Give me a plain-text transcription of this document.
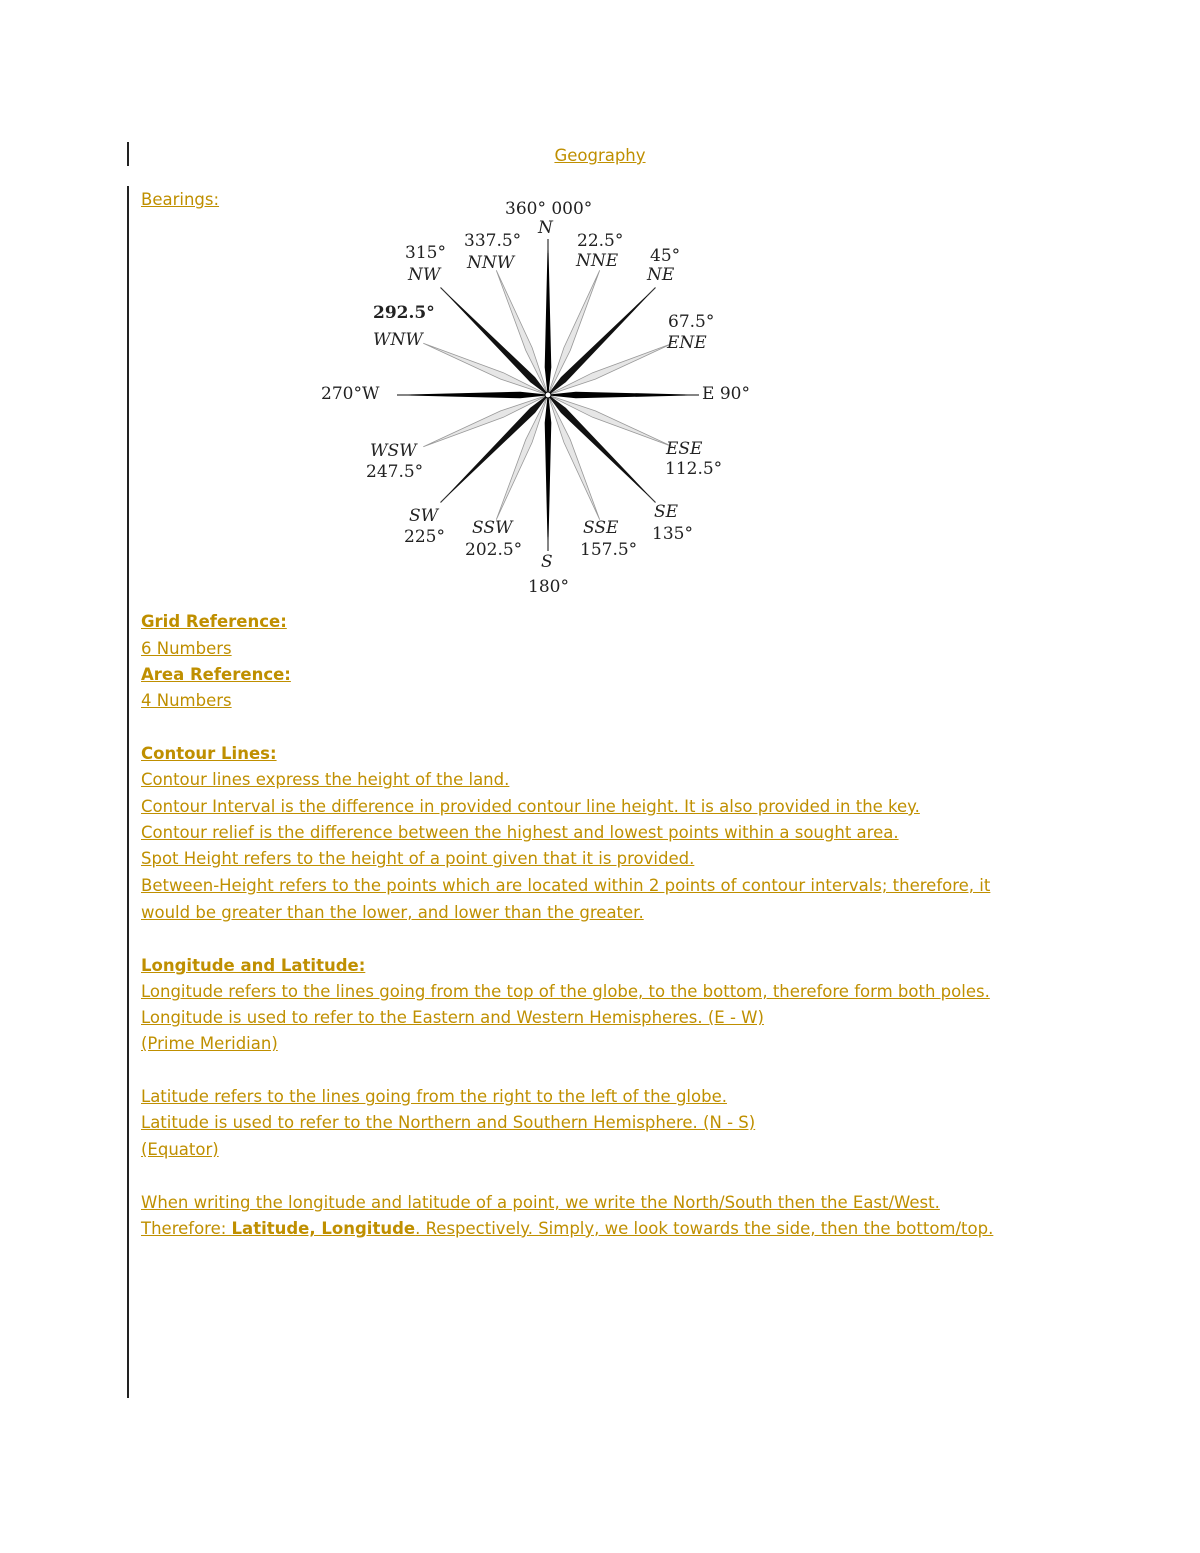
Geography
Bearings:	360° 000°
N
337.5°
NNW
22.5°
NNE
315°
NW
45°
NE
292.5°
WNW
67.5°
ENE
270°W	E 90°
WSW
247.5°
ESE
112.5°
SW
225° SSW
202.5°
SSE
157.5°
SE
135°
S
180°
Grid Reference:
6 Numbers
Area Reference:
4 Numbers
Contour Lines:
Contour lines express the height of the land.
Contour Interval is the difference in provided contour line height. It is also provided in the key.
Contour relief is the difference between the highest and lowest points within a sought area.
Spot Height refers to the height of a point given that it is provided.
Between-Height refers to the points which are located within 2 points of contour intervals; therefore, it
would be greater than the lower, and lower than the greater.
Longitude and Latitude:
Longitude refers to the lines going from the top of the globe, to the bottom, therefore form both poles.
Longitude is used to refer to the Eastern and Western Hemispheres. (E - W)
(Prime Meridian)
Latitude refers to the lines going from the right to the left of the globe.
Latitude is used to refer to the Northern and Southern Hemisphere. (N - S)
(Equator)
When writing the longitude and latitude of a point, we write the North/South then the East/West.
Therefore: Latitude, Longitude. Respectively. Simply, we look towards the side, then the bottom/top.
